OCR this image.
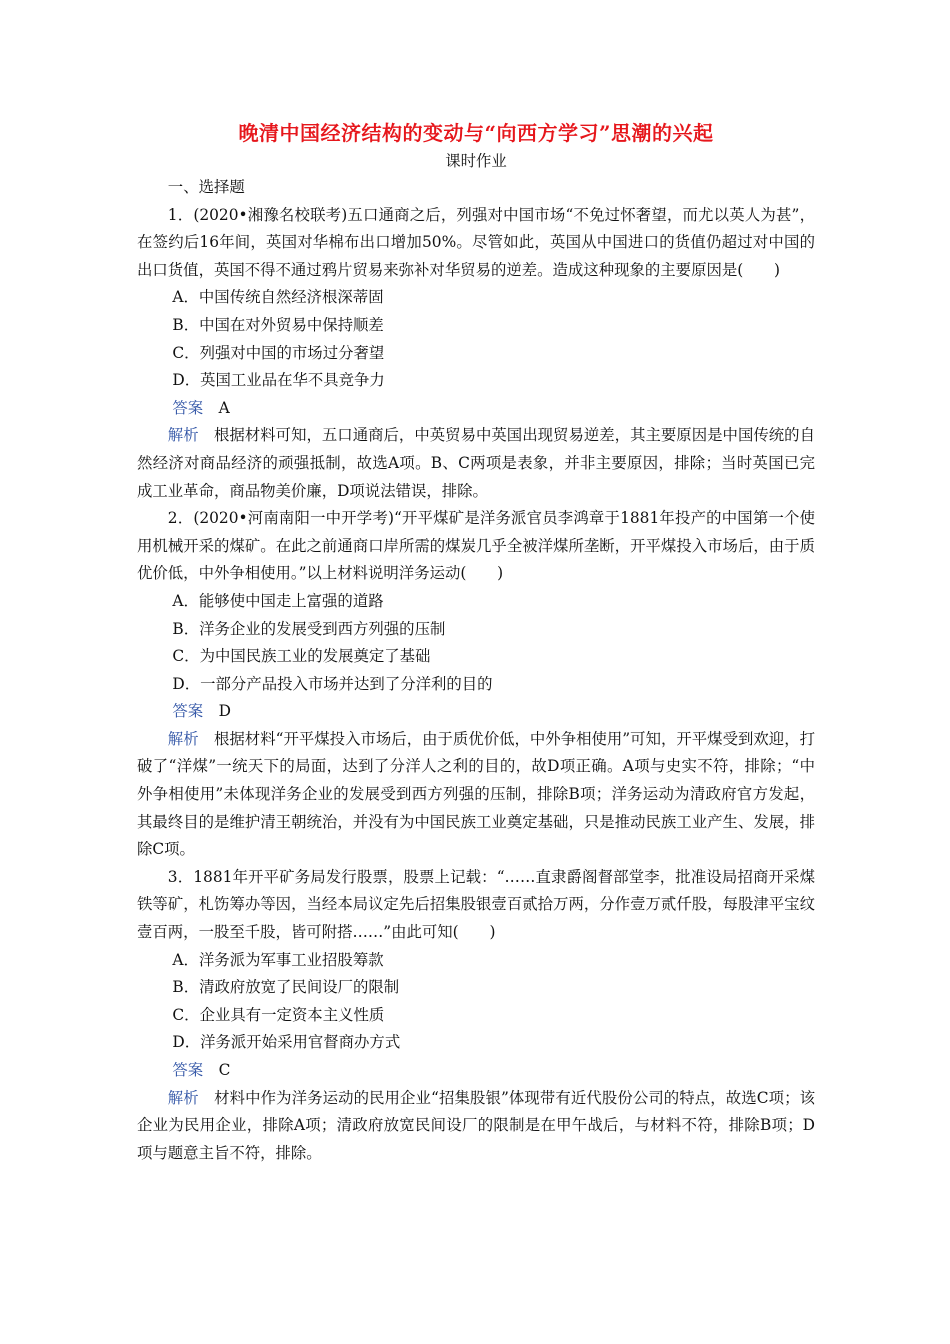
晚清中国经济结构的变动与“向西方学习”思潮的兴起

课时作业

一、选择题

1．(2020•湘豫名校联考)五口通商之后，列强对中国市场“不免过怀奢望，而尤以英人为甚”，在签约后16年间，英国对华棉布出口增加50%。尽管如此，英国从中国进口的货值仍超过对中国的出口货值，英国不得不通过鸦片贸易来弥补对华贸易的逆差。造成这种现象的主要原因是(　　)

A．中国传统自然经济根深蒂固

B．中国在对外贸易中保持顺差

C．列强对中国的市场过分奢望

D．英国工业品在华不具竞争力

答案 A

解析 根据材料可知，五口通商后，中英贸易中英国出现贸易逆差，其主要原因是中国传统的自然经济对商品经济的顽强抵制，故选A项。B、C两项是表象，并非主要原因，排除；当时英国已完成工业革命，商品物美价廉，D项说法错误，排除。

2．(2020•河南南阳一中开学考)“开平煤矿是洋务派官员李鸿章于1881年投产的中国第一个使用机械开采的煤矿。在此之前通商口岸所需的煤炭几乎全被洋煤所垄断，开平煤投入市场后，由于质优价低，中外争相使用。”以上材料说明洋务运动(　　)

A．能够使中国走上富强的道路

B．洋务企业的发展受到西方列强的压制

C．为中国民族工业的发展奠定了基础

D．一部分产品投入市场并达到了分洋利的目的

答案 D

解析 根据材料“开平煤投入市场后，由于质优价低，中外争相使用”可知，开平煤受到欢迎，打破了“洋煤”一统天下的局面，达到了分洋人之利的目的，故D项正确。A项与史实不符，排除；“中外争相使用”未体现洋务企业的发展受到西方列强的压制，排除B项；洋务运动为清政府官方发起，其最终目的是维护清王朝统治，并没有为中国民族工业奠定基础，只是推动民族工业产生、发展，排除C项。

3．1881年开平矿务局发行股票，股票上记载：“……直隶爵阁督部堂李，批准设局招商开采煤铁等矿，札饬筹办等因，当经本局议定先后招集股银壹百贰拾万两，分作壹万贰仟股，每股津平宝纹壹百两，一股至千股，皆可附搭……”由此可知(　　)

A．洋务派为军事工业招股筹款

B．清政府放宽了民间设厂的限制

C．企业具有一定资本主义性质

D．洋务派开始采用官督商办方式

答案 C

解析 材料中作为洋务运动的民用企业“招集股银”体现带有近代股份公司的特点，故选C项；该企业为民用企业，排除A项；清政府放宽民间设厂的限制是在甲午战后，与材料不符，排除B项；D项与题意主旨不符，排除。
